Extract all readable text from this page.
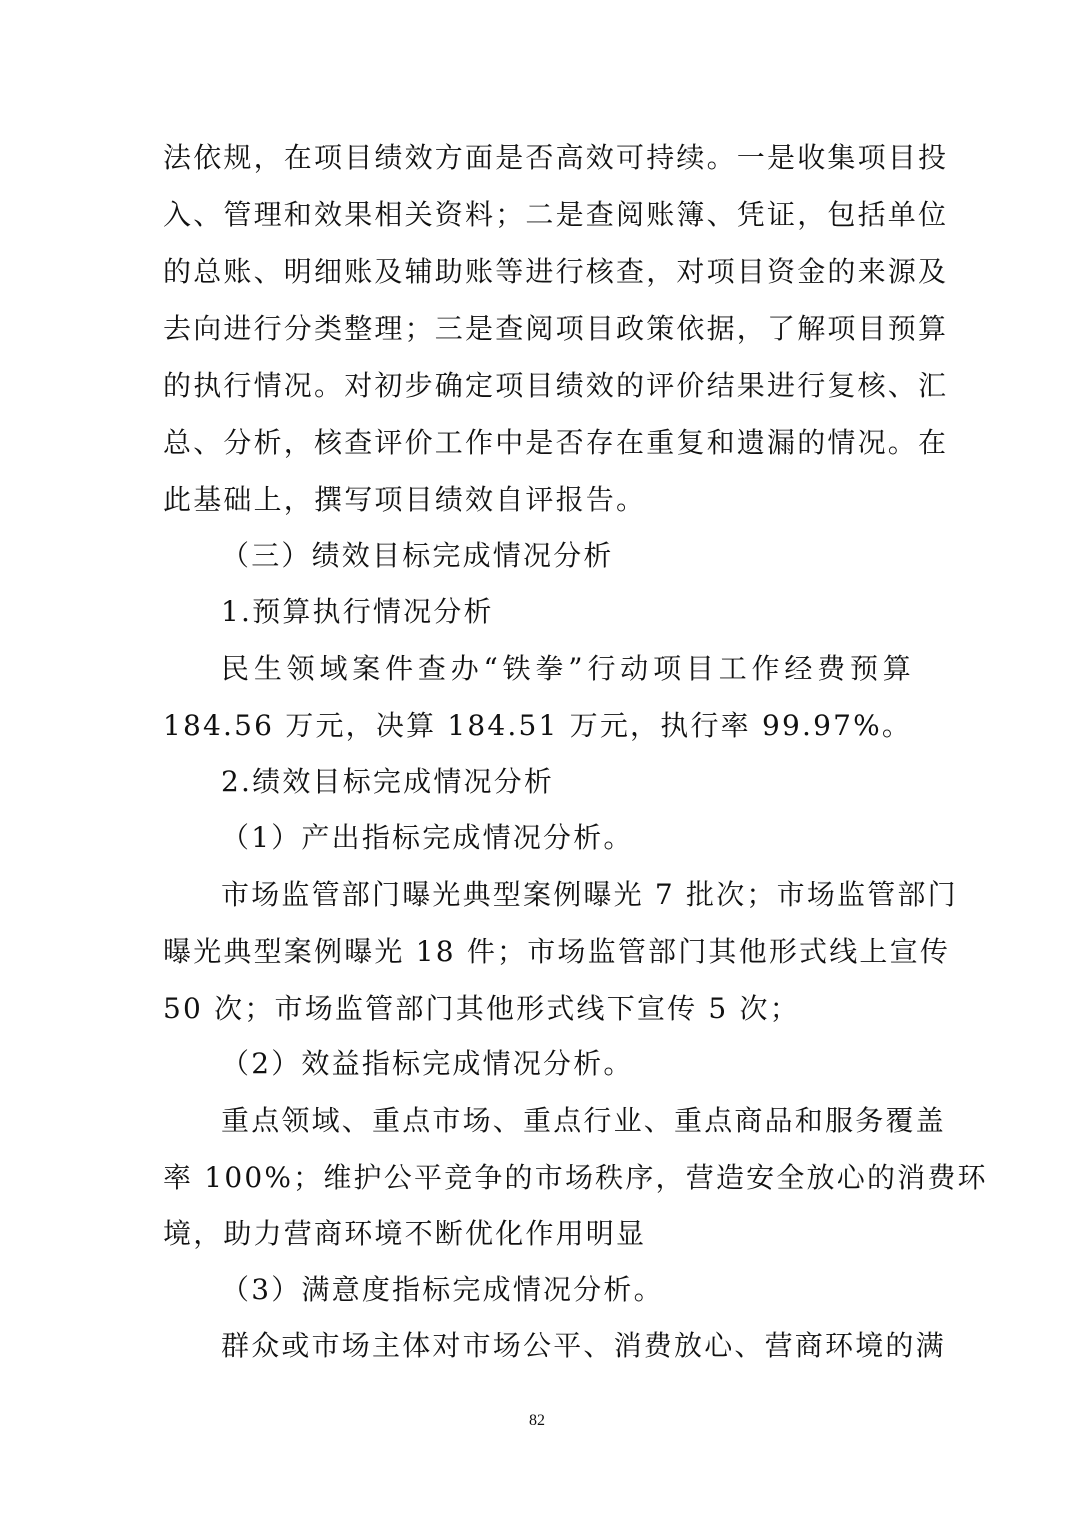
法依规，在项目绩效方面是否高效可持续。一是收集项目投
入、管理和效果相关资料；二是查阅账簿、凭证，包括单位
的总账、明细账及辅助账等进行核查，对项目资金的来源及
去向进行分类整理；三是查阅项目政策依据，了解项目预算
的执行情况。对初步确定项目绩效的评价结果进行复核、汇
总、分析，核查评价工作中是否存在重复和遗漏的情况。在
此基础上，撰写项目绩效自评报告。
（三）绩效目标完成情况分析
1.预算执行情况分析
民生领域案件查办“铁拳”行动项目工作经费预算
184.56 万元，决算 184.51 万元，执行率 99.97%。
2.绩效目标完成情况分析
（1）产出指标完成情况分析。
市场监管部门曝光典型案例曝光 7 批次；市场监管部门
曝光典型案例曝光 18 件；市场监管部门其他形式线上宣传
50 次；市场监管部门其他形式线下宣传 5 次；
（2）效益指标完成情况分析。
重点领域、重点市场、重点行业、重点商品和服务覆盖
率 100%；维护公平竞争的市场秩序，营造安全放心的消费环
境，助力营商环境不断优化作用明显
（3）满意度指标完成情况分析。
群众或市场主体对市场公平、消费放心、营商环境的满
82
